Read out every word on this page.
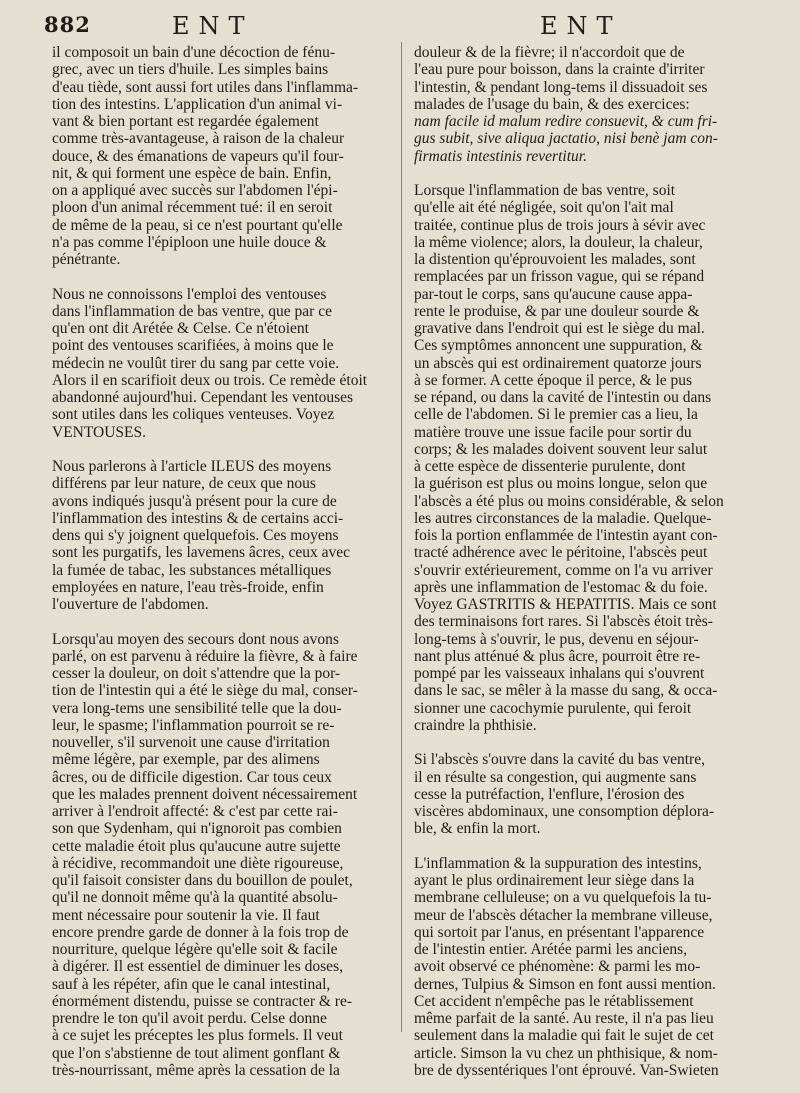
882	ENT	ENT
il composoit un bain d'une décoction de fénu-
grec, avec un tiers d'huile. Les simples bains
d'eau tiède, sont aussi fort utiles dans l'inflamma-
tion des intestins. L'application d'un animal vi-
vant & bien portant est regardée également
comme très-avantageuse, à raison de la chaleur
douce, & des émanations de vapeurs qu'il four-
nit, & qui forment une espèce de bain. Enfin,
on a appliqué avec succès sur l'abdomen l'épi-
ploon d'un animal récemment tué: il en seroit
de même de la peau, si ce n'est pourtant qu'elle
n'a pas comme l'épiploon une huile douce &
pénétrante.
Nous ne connoissons l'emploi des ventouses
dans l'inflammation de bas ventre, que par ce
qu'en ont dit Arétée & Celse. Ce n'étoient
point des ventouses scarifiées, à moins que le
médecin ne voulût tirer du sang par cette voie.
Alors il en scarifioit deux ou trois. Ce remède étoit
abandonné aujourd'hui. Cependant les ventouses
sont utiles dans les coliques venteuses. Voyez
VENTOUSES.
Nous parlerons à l'article ILEUS des moyens
différens par leur nature, de ceux que nous
avons indiqués jusqu'à présent pour la cure de
l'inflammation des intestins & de certains acci-
dens qui s'y joignent quelquefois. Ces moyens
sont les purgatifs, les lavemens âcres, ceux avec
la fumée de tabac, les substances métalliques
employées en nature, l'eau très-froide, enfin
l'ouverture de l'abdomen.
Lorsqu'au moyen des secours dont nous avons
parlé, on est parvenu à réduire la fièvre, & à faire
cesser la douleur, on doit s'attendre que la por-
tion de l'intestin qui a été le siège du mal, conser-
vera long-tems une sensibilité telle que la dou-
leur, le spasme; l'inflammation pourroit se re-
nouveller, s'il survenoit une cause d'irritation
même légère, par exemple, par des alimens
âcres, ou de difficile digestion. Car tous ceux
que les malades prennent doivent nécessairement
arriver à l'endroit affecté: & c'est par cette rai-
son que Sydenham, qui n'ignoroit pas combien
cette maladie étoit plus qu'aucune autre sujette
à récidive, recommandoit une diète rigoureuse,
qu'il faisoit consister dans du bouillon de poulet,
qu'il ne donnoit même qu'à la quantité absolu-
ment nécessaire pour soutenir la vie. Il faut
encore prendre garde de donner à la fois trop de
nourriture, quelque légère qu'elle soit & facile
à digérer. Il est essentiel de diminuer les doses,
sauf à les répéter, afin que le canal intestinal,
énormément distendu, puisse se contracter & re-
prendre le ton qu'il avoit perdu. Celse donne
à ce sujet les préceptes les plus formels. Il veut
que l'on s'abstienne de tout aliment gonflant &
très-nourrissant, même après la cessation de la
douleur & de la fièvre; il n'accordoit que de
l'eau pure pour boisson, dans la crainte d'irriter
l'intestin, & pendant long-tems il dissuadoit ses
malades de l'usage du bain, & des exercices:
nam facile id malum redire consuevit, & cum fri-
gus subit, sive aliqua jactatio, nisi benè jam con-
firmatis intestinis revertitur.
Lorsque l'inflammation de bas ventre, soit
qu'elle ait été négligée, soit qu'on l'ait mal
traitée, continue plus de trois jours à sévir avec
la même violence; alors, la douleur, la chaleur,
la distention qu'éprouvoient les malades, sont
remplacées par un frisson vague, qui se répand
par-tout le corps, sans qu'aucune cause appa-
rente le produise, & par une douleur sourde &
gravative dans l'endroit qui est le siège du mal.
Ces symptômes annoncent une suppuration, &
un abscès qui est ordinairement quatorze jours
à se former. A cette époque il perce, & le pus
se répand, ou dans la cavité de l'intestin ou dans
celle de l'abdomen. Si le premier cas a lieu, la
matière trouve une issue facile pour sortir du
corps; & les malades doivent souvent leur salut
à cette espèce de dissenterie purulente, dont
la guérison est plus ou moins longue, selon que
l'abscès a été plus ou moins considérable, & selon
les autres circonstances de la maladie. Quelque-
fois la portion enflammée de l'intestin ayant con-
tracté adhérence avec le péritoine, l'abscès peut
s'ouvrir extérieurement, comme on l'a vu arriver
après une inflammation de l'estomac & du foie.
Voyez GASTRITIS & HEPATITIS. Mais ce sont
des terminaisons fort rares. Si l'abscès étoit très-
long-tems à s'ouvrir, le pus, devenu en séjour-
nant plus atténué & plus âcre, pourroit être re-
pompé par les vaisseaux inhalans qui s'ouvrent
dans le sac, se mêler à la masse du sang, & occa-
sionner une cacochymie purulente, qui feroit
craindre la phthisie.
Si l'abscès s'ouvre dans la cavité du bas ventre,
il en résulte sa congestion, qui augmente sans
cesse la putréfaction, l'enflure, l'érosion des
viscères abdominaux, une consomption déplora-
ble, & enfin la mort.
L'inflammation & la suppuration des intestins,
ayant le plus ordinairement leur siège dans la
membrane celluleuse; on a vu quelquefois la tu-
meur de l'abscès détacher la membrane villeuse,
qui sortoit par l'anus, en présentant l'apparence
de l'intestin entier. Arétée parmi les anciens,
avoit observé ce phénomène: & parmi les mo-
dernes, Tulpius & Simson en font aussi mention.
Cet accident n'empêche pas le rétablissement
même parfait de la santé. Au reste, il n'a pas lieu
seulement dans la maladie qui fait le sujet de cet
article. Simson la vu chez un phthisique, & nom-
bre de dyssentériques l'ont éprouvé. Van-Swieten
